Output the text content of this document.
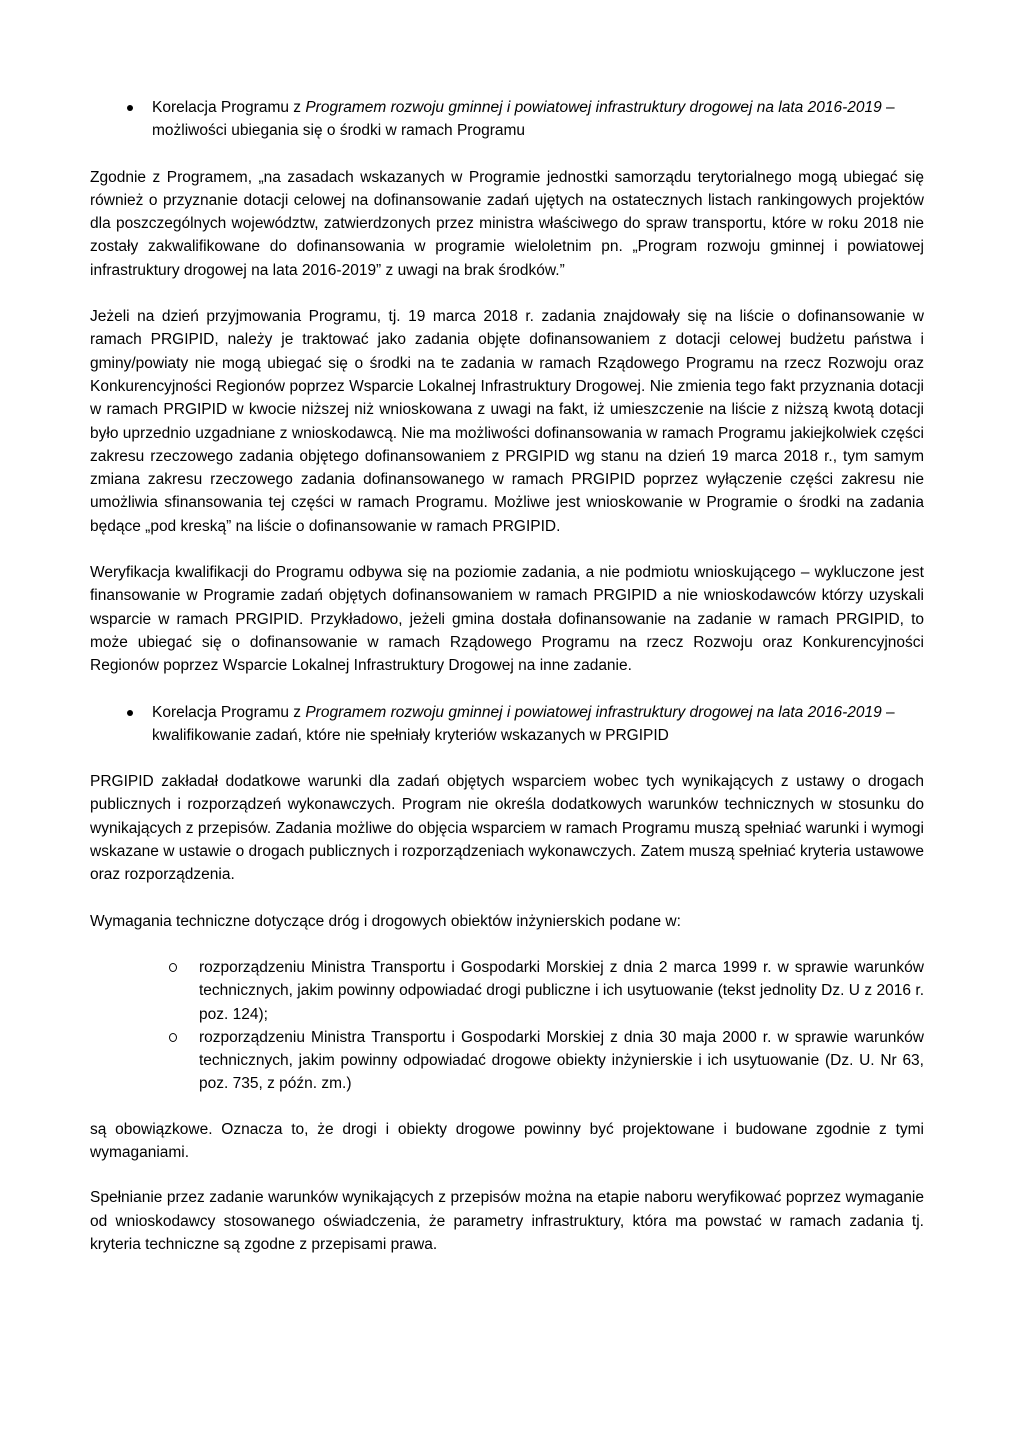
Korelacja Programu z Programem rozwoju gminnej i powiatowej infrastruktury drogowej na lata 2016-2019 – możliwości ubiegania się o środki w ramach Programu

Zgodnie z Programem, „na zasadach wskazanych w Programie jednostki samorządu terytorialnego mogą ubiegać się również o przyznanie dotacji celowej na dofinansowanie zadań ujętych na ostatecznych listach rankingowych projektów dla poszczególnych województw, zatwierdzonych przez ministra właściwego do spraw transportu, które w roku 2018 nie zostały zakwalifikowane do dofinansowania w programie wieloletnim pn. „Program rozwoju gminnej i powiatowej infrastruktury drogowej na lata 2016-2019” z uwagi na brak środków.”

Jeżeli na dzień przyjmowania Programu, tj. 19 marca 2018 r. zadania znajdowały się na liście o dofinansowanie w ramach PRGIPID, należy je traktować jako zadania objęte dofinansowaniem z dotacji celowej budżetu państwa i gminy/powiaty nie mogą ubiegać się o środki na te zadania w ramach Rządowego Programu na rzecz Rozwoju oraz Konkurencyjności Regionów poprzez Wsparcie Lokalnej Infrastruktury Drogowej. Nie zmienia tego fakt przyznania dotacji w ramach PRGIPID w kwocie niższej niż wnioskowana z uwagi na fakt, iż umieszczenie na liście z niższą kwotą dotacji było uprzednio uzgadniane z wnioskodawcą. Nie ma możliwości dofinansowania w ramach Programu jakiejkolwiek części zakresu rzeczowego zadania objętego dofinansowaniem z PRGIPID wg stanu na dzień 19 marca 2018 r., tym samym zmiana zakresu rzeczowego zadania dofinansowanego w ramach PRGIPID poprzez wyłączenie części zakresu nie umożliwia sfinansowania tej części w ramach Programu. Możliwe jest wnioskowanie w Programie o środki na zadania będące „pod kreską” na liście o dofinansowanie w ramach PRGIPID.

Weryfikacja kwalifikacji do Programu odbywa się na poziomie zadania, a nie podmiotu wnioskującego – wykluczone jest finansowanie w Programie zadań objętych dofinansowaniem w ramach PRGIPID a nie wnioskodawców którzy uzyskali wsparcie w ramach PRGIPID. Przykładowo, jeżeli gmina dostała dofinansowanie na zadanie w ramach PRGIPID, to może ubiegać się o dofinansowanie w ramach Rządowego Programu na rzecz Rozwoju oraz Konkurencyjności Regionów poprzez Wsparcie Lokalnej Infrastruktury Drogowej na inne zadanie.

Korelacja Programu z Programem rozwoju gminnej i powiatowej infrastruktury drogowej na lata 2016-2019 – kwalifikowanie zadań, które nie spełniały kryteriów wskazanych w PRGIPID

PRGIPID zakładał dodatkowe warunki dla zadań objętych wsparciem wobec tych wynikających z ustawy o drogach publicznych i rozporządzeń wykonawczych. Program nie określa dodatkowych warunków technicznych w stosunku do wynikających z przepisów. Zadania możliwe do objęcia wsparciem w ramach Programu muszą spełniać warunki i wymogi wskazane w ustawie o drogach publicznych i rozporządzeniach wykonawczych. Zatem muszą spełniać kryteria ustawowe oraz rozporządzenia.

Wymagania techniczne dotyczące dróg i drogowych obiektów inżynierskich podane w:

rozporządzeniu Ministra Transportu i Gospodarki Morskiej z dnia 2 marca 1999 r. w sprawie warunków technicznych, jakim powinny odpowiadać drogi publiczne i ich usytuowanie (tekst jednolity Dz. U z 2016 r. poz. 124);

rozporządzeniu Ministra Transportu i Gospodarki Morskiej z dnia 30 maja 2000 r. w sprawie warunków technicznych, jakim powinny odpowiadać drogowe obiekty inżynierskie i ich usytuowanie (Dz. U. Nr 63, poz. 735, z późn. zm.)

są obowiązkowe. Oznacza to, że drogi i obiekty drogowe powinny być projektowane i budowane zgodnie z tymi wymaganiami.

Spełnianie przez zadanie warunków wynikających z przepisów można na etapie naboru weryfikować poprzez wymaganie od wnioskodawcy stosowanego oświadczenia, że parametry infrastruktury, która ma powstać w ramach zadania tj. kryteria techniczne są zgodne z przepisami prawa.
